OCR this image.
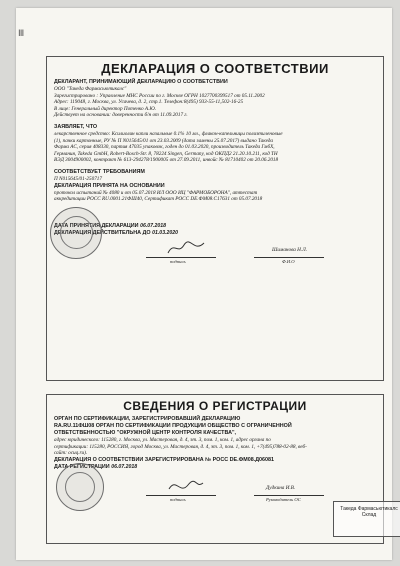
Ⅲ
ДЕКЛАРАЦИЯ О СООТВЕТСТВИИ
ДЕКЛАРАНТ, ПРИНИМАЮЩИЙ ДЕКЛАРАЦИЮ О СООТВЕТСТВИИ
ООО "Такеда Фармасьютикалс"
Зарегистрировано : Управление МНС России по г. Москве ОГРН 1027700399517 от 05.11.2002
Адрес: 119048, г. Москва, ул. Усачева, д. 2, стр.1. Телефон:8(495) 933-55-11,502-16-25
В лице: Генеральный директор Потенко А.Ю.
Действует на основании: доверенности б/н от 11.09.2017 г.
ЗАЯВЛЯЕТ, ЧТО
лекарственное средство: Ксилиолин капли назальные 0.1% 10 мл., флакон-капельницы полиэтиленовые
(1), пачки картонные, РУ № П N015645/01 от 23.03.2009 (дата замены 25.07.2017) выдано Такеда
Фарма АС, серия 408330, партия 47035 упаковок, годен до 01.03.2020, производитель Такеда ГмбХ,
Германия, Takeda GmbH, Robert-Bosch-Str. 8, 78224 Singen, Germany, код ОКПД2 21.20.10.211, код ТН
ВЭД 3004900002, контракт № 613-294278/1900005 от 27.09.2011, инвойс № 81710402 от 20.06.2018
СООТВЕТСТВУЕТ ТРЕБОВАНИЯМ
П N015645/01-250717
ДЕКЛАРАЦИЯ ПРИНЯТА НА ОСНОВАНИИ
протокол испытаний № 4080 и от 05.07.2018 ИЛ ООО ИЦ "ФАРМОБОРОНА", аттестат
аккредитации РОСС RU.0001.21ФШ40, Сертификат РОСС DE.ФМ08.С17631 от 05.07.2018
ДАТА ПРИНЯТИЯ ДЕКЛАРАЦИИ 06.07.2018
ДЕКЛАРАЦИЯ ДЕЙСТВИТЕЛЬНА ДО 01.03.2020
подпись
Шиманова Н.Л.
Ф.И.О
СВЕДЕНИЯ О РЕГИСТРАЦИИ
ОРГАН ПО СЕРТИФИКАЦИИ, ЗАРЕГИСТРИРОВАВШИЙ ДЕКЛАРАЦИЮ
RA.RU.11ФШ08 ОРГАН ПО СЕРТИФИКАЦИИ ПРОДУКЦИИ ОБЩЕСТВО С ОГРАНИЧЕННОЙ
ОТВЕТСТВЕННОСТЬЮ "ОКРУЖНОЙ ЦЕНТР КОНТРОЛЯ КАЧЕСТВА",
адрес юридического: 115280, г. Москва, ул. Мастеровая, д. 4, эт. 3, пом. 1, ком. 1, адрес органа по
сертификации: 115280, РОССИЯ, город Москва, ул. Мастеровая, д. 4, эт. 3, пом. 1, ком. 1, +7(495)788-02-88, веб-
сайт: ocuq.ru).
ДЕКЛАРАЦИЯ О СООТВЕТСТВИИ ЗАРЕГИСТРИРОВАНА № РОСС DE.ФМ08.Д06081
ДАТА РЕГИСТРАЦИИ 06.07.2018
подпись
Дудкина И.В.
Руководитель ОС
Такеда Фармасьютикалс Склад
